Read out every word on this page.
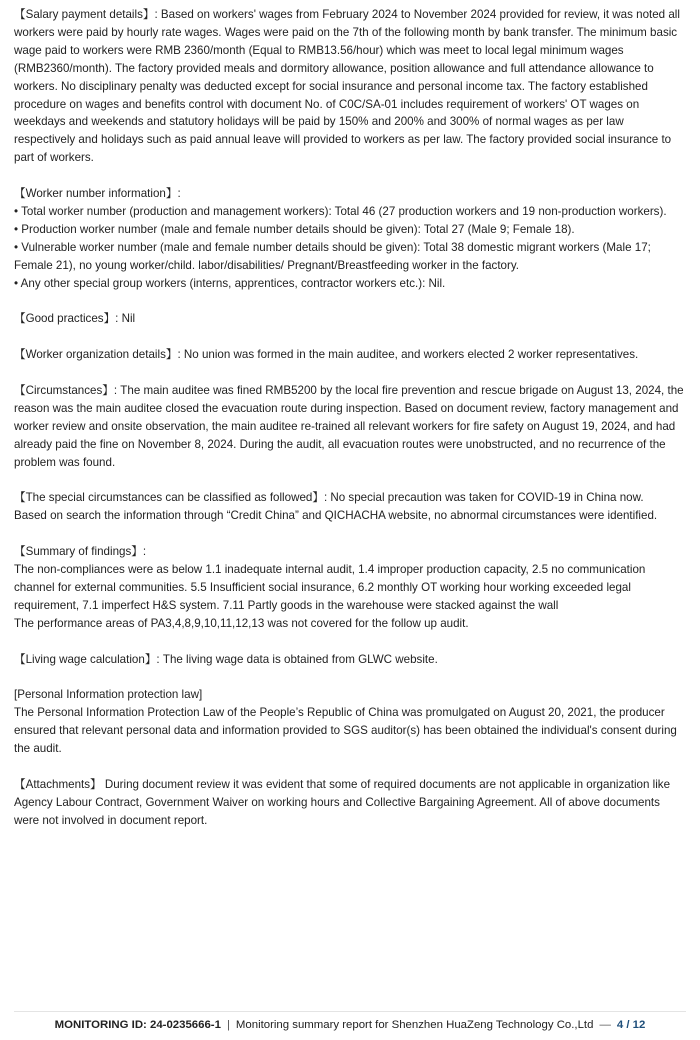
【Salary payment details】: Based on workers' wages from February 2024 to November 2024 provided for review, it was noted all workers were paid by hourly rate wages. Wages were paid on the 7th of the following month by bank transfer. The minimum basic wage paid to workers were RMB 2360/month (Equal to RMB13.56/hour) which was meet to local legal minimum wages (RMB2360/month). The factory provided meals and dormitory allowance, position allowance and full attendance allowance to workers. No disciplinary penalty was deducted except for social insurance and personal income tax. The factory established procedure on wages and benefits control with document No. of C0C/SA-01 includes requirement of workers' OT wages on weekdays and weekends and statutory holidays will be paid by 150% and 200% and 300% of normal wages as per law respectively and holidays such as paid annual leave will provided to workers as per law. The factory provided social insurance to part of workers.

【Worker number information】:

• Total worker number (production and management workers): Total 46 (27 production workers and 19 non-production workers).

• Production worker number (male and female number details should be given): Total 27 (Male 9; Female 18).

• Vulnerable worker number (male and female number details should be given): Total 38 domestic migrant workers (Male 17; Female 21), no young worker/child. labor/disabilities/ Pregnant/Breastfeeding worker in the factory.

• Any other special group workers (interns, apprentices, contractor workers etc.): Nil.

【Good practices】: Nil

【Worker organization details】: No union was formed in the main auditee, and workers elected 2 worker representatives.

【Circumstances】: The main auditee was fined RMB5200 by the local fire prevention and rescue brigade on August 13, 2024, the reason was the main auditee closed the evacuation route during inspection. Based on document review, factory management and worker review and onsite observation, the main auditee re-trained all relevant workers for fire safety on August 19, 2024, and had already paid the fine on November 8, 2024. During the audit, all evacuation routes were unobstructed, and no recurrence of the problem was found.

【The special circumstances can be classified as followed】: No special precaution was taken for COVID-19 in China now.

Based on search the information through “Credit China” and QICHACHA website, no abnormal circumstances were identified.

【Summary of findings】:

The non-compliances were as below 1.1 inadequate internal audit, 1.4 improper production capacity, 2.5 no communication channel for external communities. 5.5 Insufficient social insurance, 6.2 monthly OT working hour working exceeded legal requirement, 7.1 imperfect H&S system. 7.11 Partly goods in the warehouse were stacked against the wall

The performance areas of PA3,4,8,9,10,11,12,13 was not covered for the follow up audit.

【Living wage calculation】: The living wage data is obtained from GLWC website.

[Personal Information protection law]

The Personal Information Protection Law of the People’s Republic of China was promulgated on August 20, 2021, the producer ensured that relevant personal data and information provided to SGS auditor(s) has been obtained the individual's consent during the audit.

【Attachments】 During document review it was evident that some of required documents are not applicable in organization like Agency Labour Contract, Government Waiver on working hours and Collective Bargaining Agreement. All of above documents were not involved in document report.

MONITORING ID: 24-0235666-1 | Monitoring summary report for Shenzhen HuaZeng Technology Co.,Ltd — 4 / 12
